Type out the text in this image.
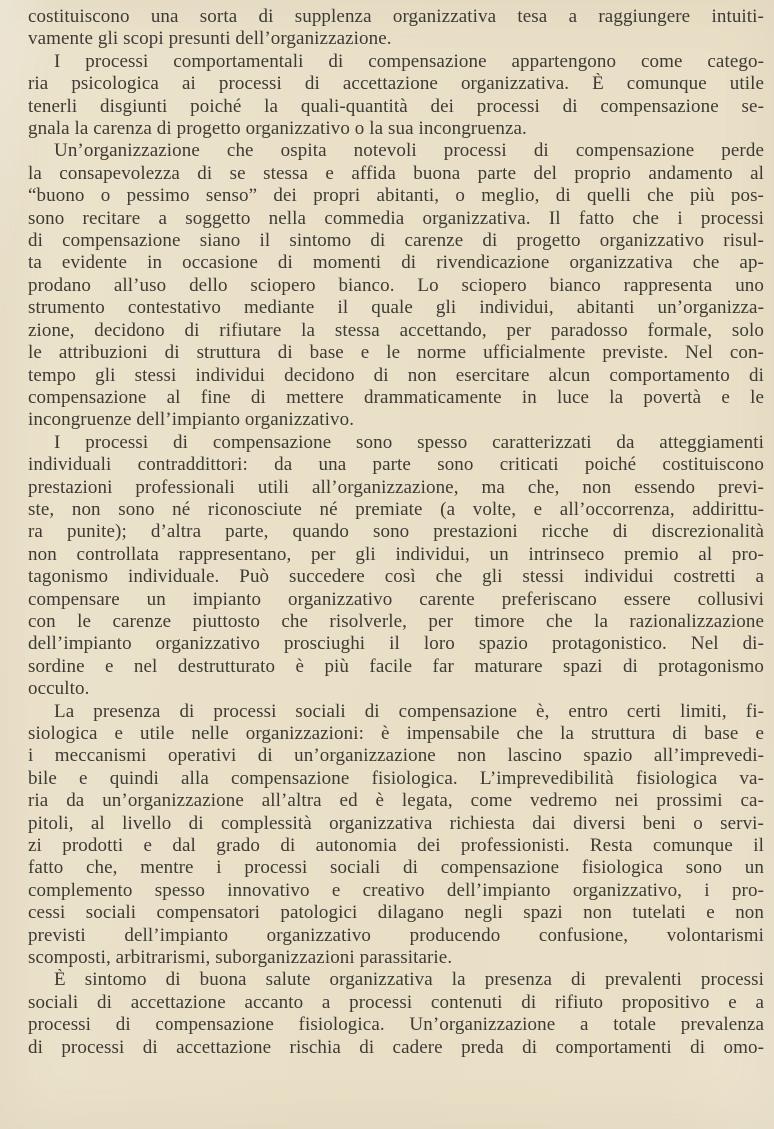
costituiscono una sorta di supplenza organizzativa tesa a raggiungere intuiti-
vamente gli scopi presunti dell’organizzazione.
I processi comportamentali di compensazione appartengono come catego-
ria psicologica ai processi di accettazione organizzativa. È comunque utile
tenerli disgiunti poiché la quali-quantità dei processi di compensazione se-
gnala la carenza di progetto organizzativo o la sua incongruenza.
Un’organizzazione che ospita notevoli processi di compensazione perde
la consapevolezza di se stessa e affida buona parte del proprio andamento al
“buono o pessimo senso” dei propri abitanti, o meglio, di quelli che più pos-
sono recitare a soggetto nella commedia organizzativa. Il fatto che i processi
di compensazione siano il sintomo di carenze di progetto organizzativo risul-
ta evidente in occasione di momenti di rivendicazione organizzativa che ap-
prodano all’uso dello sciopero bianco. Lo sciopero bianco rappresenta uno
strumento contestativo mediante il quale gli individui, abitanti un’organizza-
zione, decidono di rifiutare la stessa accettando, per paradosso formale, solo
le attribuzioni di struttura di base e le norme ufficialmente previste. Nel con-
tempo gli stessi individui decidono di non esercitare alcun comportamento di
compensazione al fine di mettere drammaticamente in luce la povertà e le
incongruenze dell’impianto organizzativo.
I processi di compensazione sono spesso caratterizzati da atteggiamenti
individuali contraddittori: da una parte sono criticati poiché costituiscono
prestazioni professionali utili all’organizzazione, ma che, non essendo previ-
ste, non sono né riconosciute né premiate (a volte, e all’occorrenza, addirittu-
ra punite); d’altra parte, quando sono prestazioni ricche di discrezionalità
non controllata rappresentano, per gli individui, un intrinseco premio al pro-
tagonismo individuale. Può succedere così che gli stessi individui costretti a
compensare un impianto organizzativo carente preferiscano essere collusivi
con le carenze piuttosto che risolverle, per timore che la razionalizzazione
dell’impianto organizzativo prosciughi il loro spazio protagonistico. Nel di-
sordine e nel destrutturato è più facile far maturare spazi di protagonismo
occulto.
La presenza di processi sociali di compensazione è, entro certi limiti, fi-
siologica e utile nelle organizzazioni: è impensabile che la struttura di base e
i meccanismi operativi di un’organizzazione non lascino spazio all’imprevedi-
bile e quindi alla compensazione fisiologica. L’imprevedibilità fisiologica va-
ria da un’organizzazione all’altra ed è legata, come vedremo nei prossimi ca-
pitoli, al livello di complessità organizzativa richiesta dai diversi beni o servi-
zi prodotti e dal grado di autonomia dei professionisti. Resta comunque il
fatto che, mentre i processi sociali di compensazione fisiologica sono un
complemento spesso innovativo e creativo dell’impianto organizzativo, i pro-
cessi sociali compensatori patologici dilagano negli spazi non tutelati e non
previsti dell’impianto organizzativo producendo confusione, volontarismi
scomposti, arbitrarismi, suborganizzazioni parassitarie.
È sintomo di buona salute organizzativa la presenza di prevalenti processi
sociali di accettazione accanto a processi contenuti di rifiuto propositivo e a
processi di compensazione fisiologica. Un’organizzazione a totale prevalenza
di processi di accettazione rischia di cadere preda di comportamenti di omo-
